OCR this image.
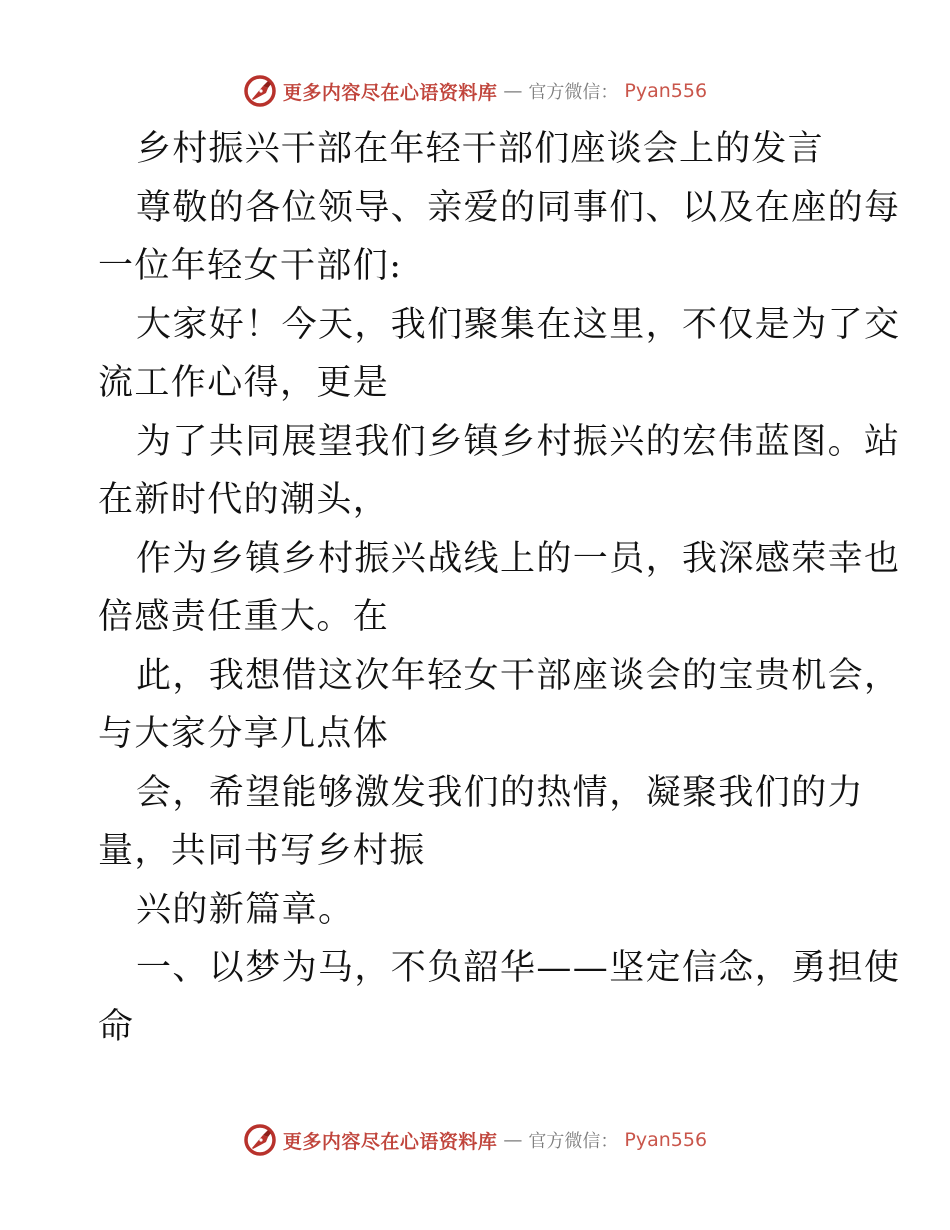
更多内容尽在心语资料库 — 官方微信： Pyan556
乡村振兴干部在年轻干部们座谈会上的发言
尊敬的各位领导、亲爱的同事们、以及在座的每
一位年轻女干部们:
大家好！今天，我们聚集在这里，不仅是为了交
流工作心得，更是
为了共同展望我们乡镇乡村振兴的宏伟蓝图。站
在新时代的潮头，
作为乡镇乡村振兴战线上的一员，我深感荣幸也
倍感责任重大。在
此，我想借这次年轻女干部座谈会的宝贵机会，
与大家分享几点体
会，希望能够激发我们的热情，凝聚我们的力
量，共同书写乡村振
兴的新篇章。
一、以梦为马，不负韶华——坚定信念，勇担使
命
更多内容尽在心语资料库 — 官方微信： Pyan556
